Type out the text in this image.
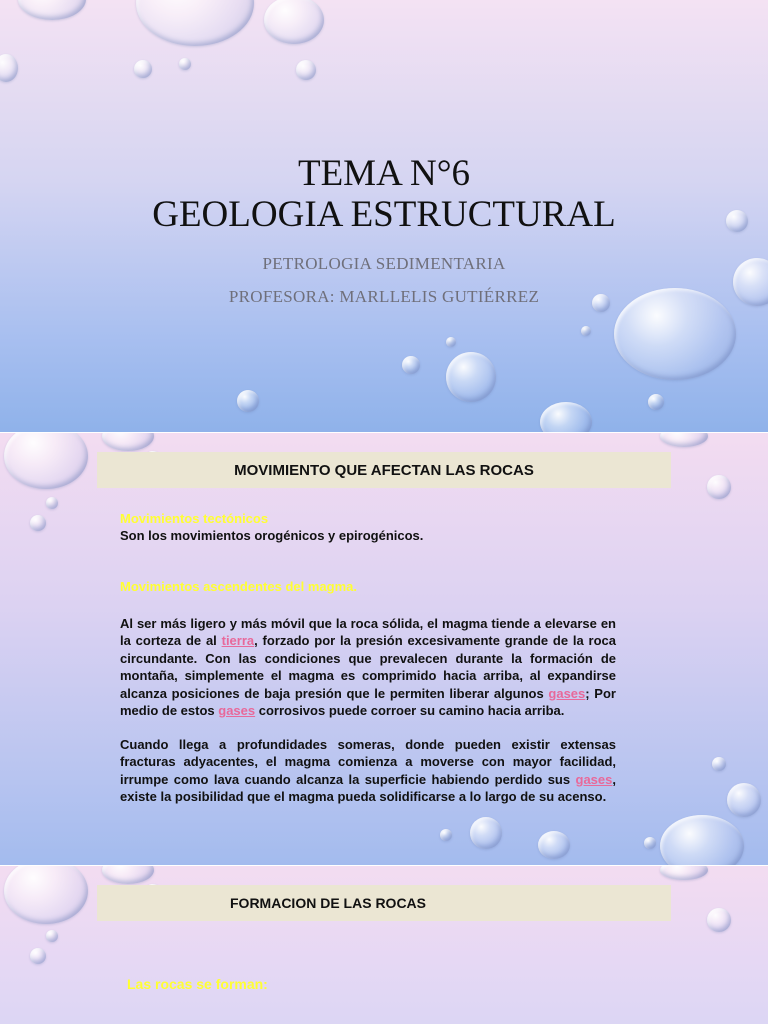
TEMA N°6
GEOLOGIA ESTRUCTURAL
PETROLOGIA SEDIMENTARIA
PROFESORA: MARLLELIS GUTIÉRREZ
MOVIMIENTO QUE AFECTAN LAS ROCAS
Movimientos tectónicos
Son los movimientos orogénicos y epirogénicos.
Movimientos ascendentes del magma.
Al ser más ligero y más móvil que la roca sólida, el magma tiende a elevarse en la corteza de al tierra, forzado por la presión excesivamente grande de la roca circundante. Con las condiciones que prevalecen durante la formación de montaña, simplemente el magma es comprimido hacia arriba, al expandirse alcanza posiciones de baja presión que le permiten liberar algunos gases; Por medio de estos gases corrosivos puede corroer su camino hacia arriba.
Cuando llega a profundidades someras, donde pueden existir extensas fracturas adyacentes, el magma comienza a moverse con mayor facilidad, irrumpe como lava cuando alcanza la superficie habiendo perdido sus gases, existe la posibilidad que el magma pueda solidificarse a lo largo de su acenso.
FORMACION DE LAS ROCAS
Las rocas se forman:
